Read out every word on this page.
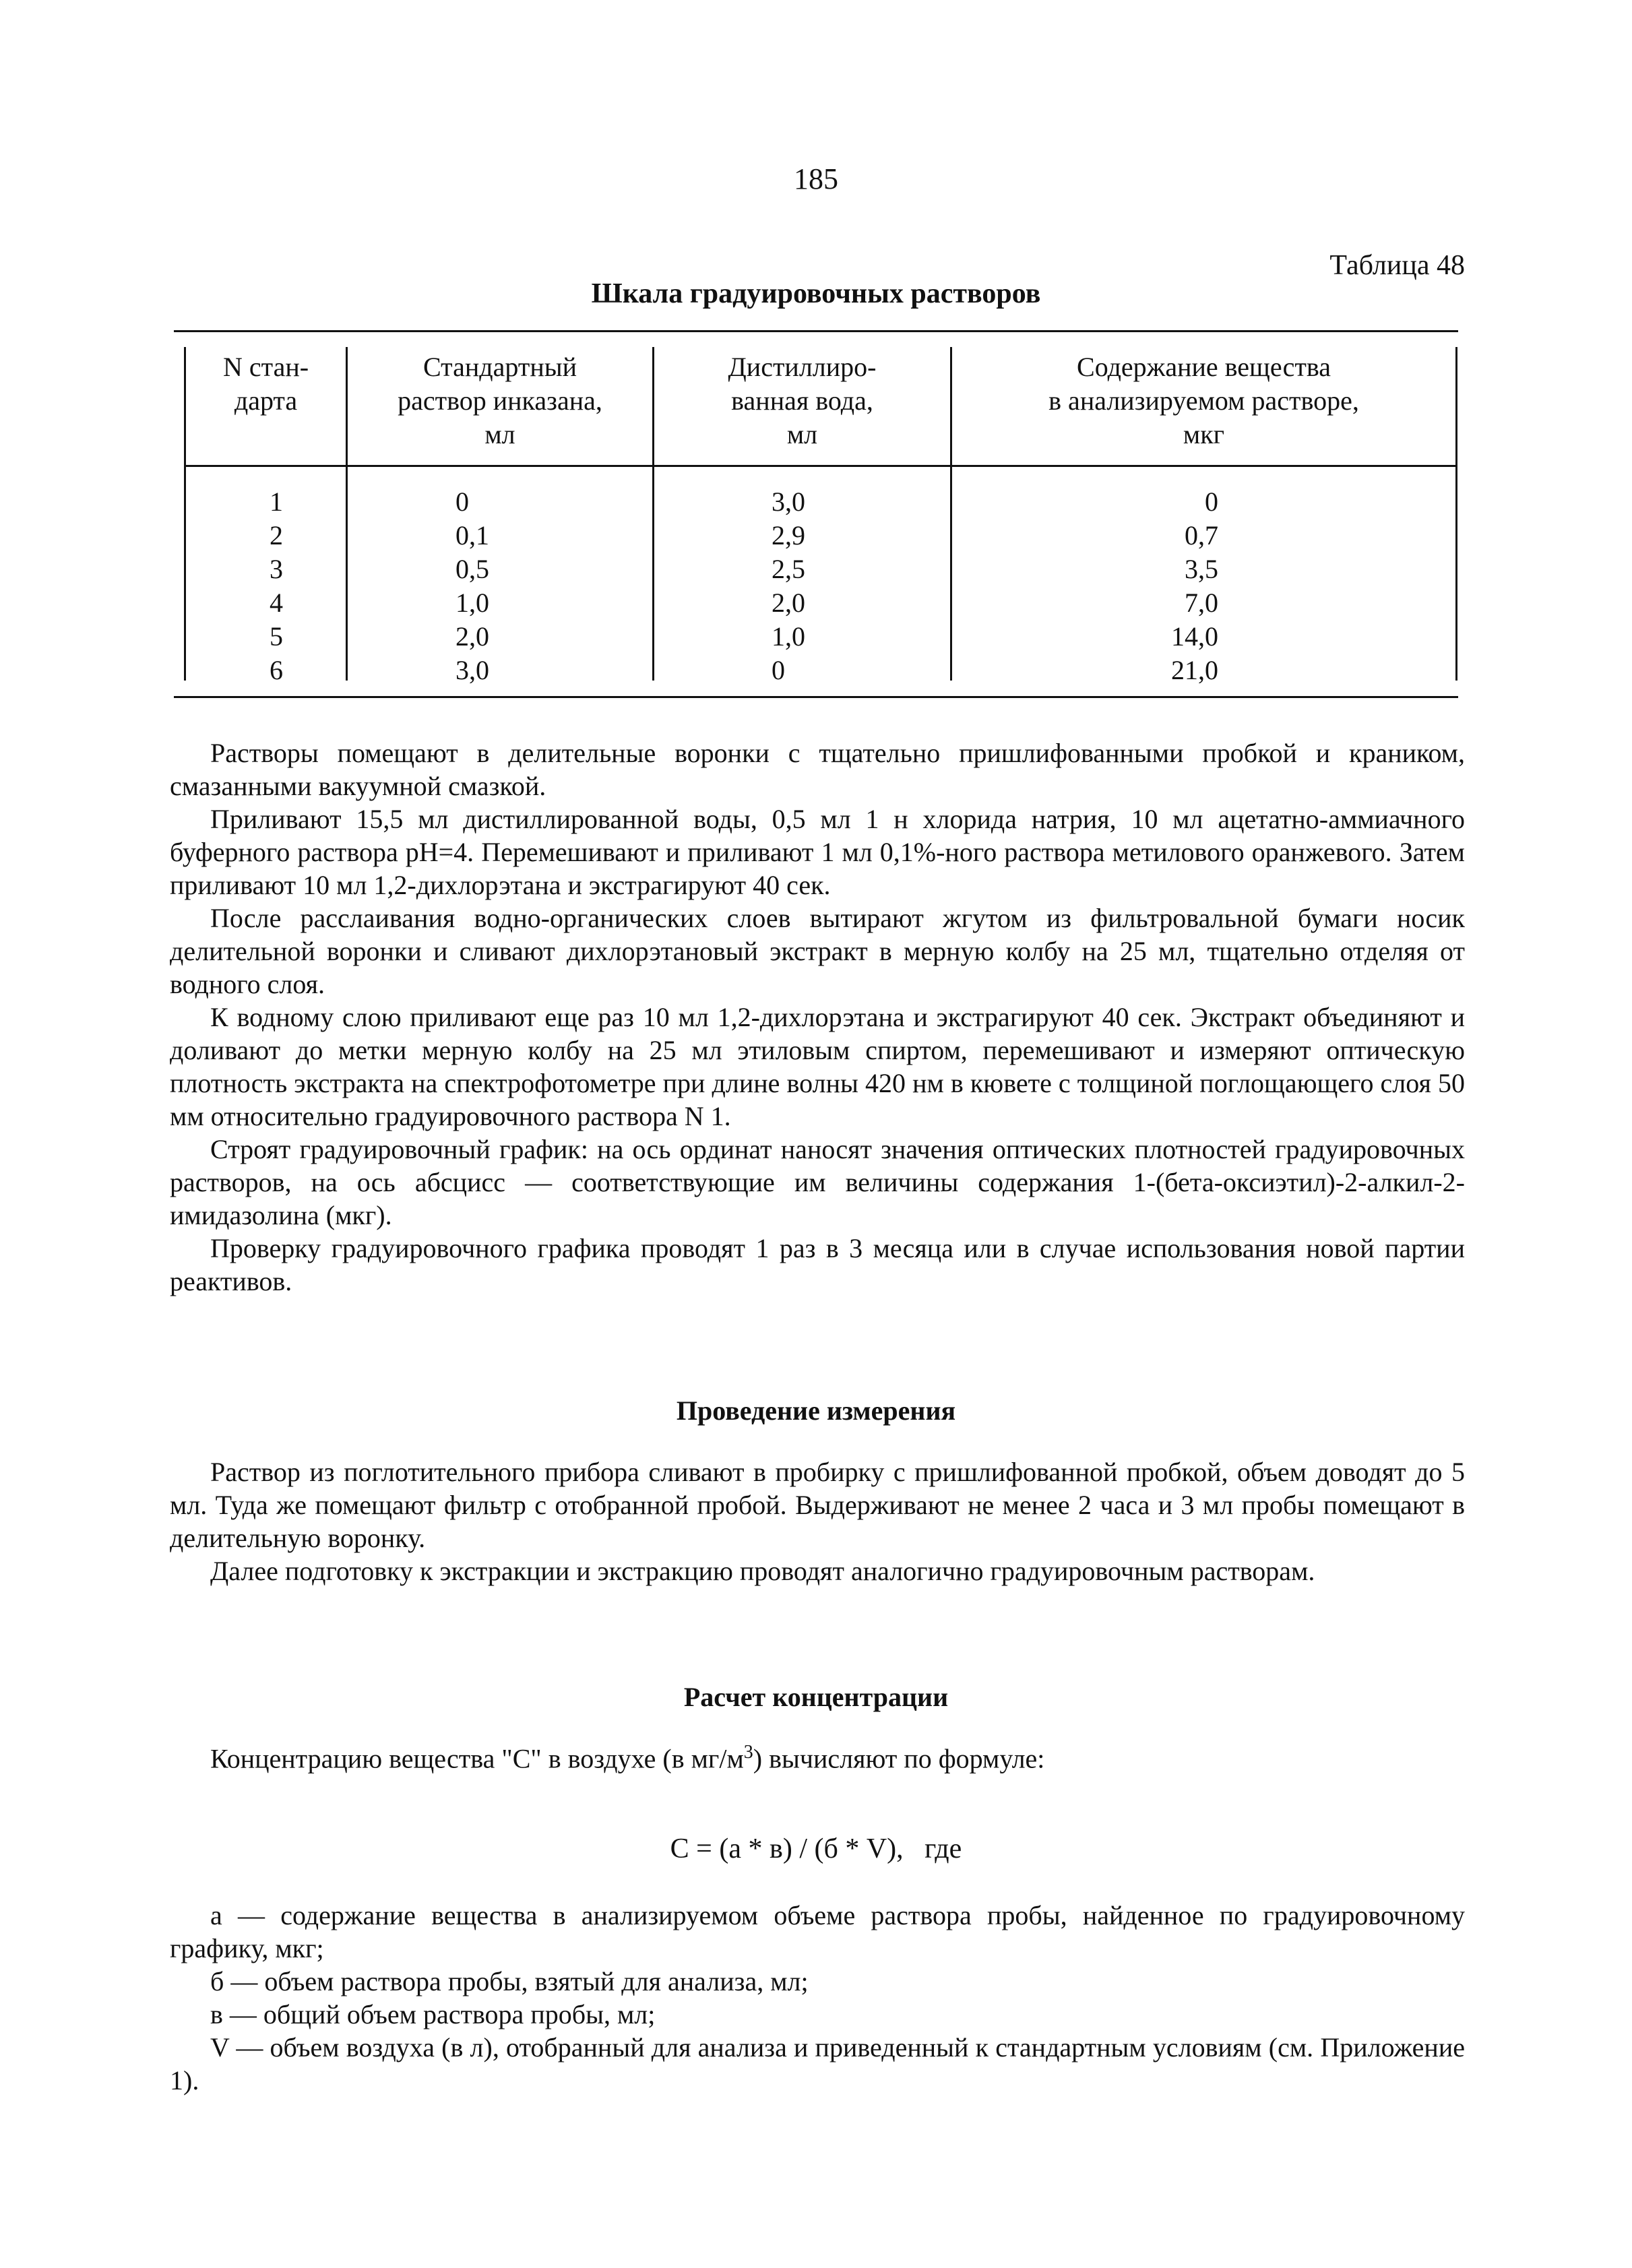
185
Таблица 48
Шкала градуировочных растворов
N стан-
дарта
Стандартный
раствор инказана,
мл
Дистиллиро-
ванная вода,
мл
Содержание вещества
в анализируемом растворе,
мкг
1
2
3
4
5
6
0
0,1
0,5
1,0
2,0
3,0
3,0
2,9
2,5
2,0
1,0
0
0
0,7
3,5
7,0
14,0
21,0

Растворы помещают в делительные воронки с тщательно пришлифованными пробкой и краником, смазанными вакуумной смазкой.

Приливают 15,5 мл дистиллированной воды, 0,5 мл 1 н хлорида натрия, 10 мл ацетатно-аммиачного буферного раствора pH=4. Перемешивают и приливают 1 мл 0,1%-ного раствора метилового оранжевого. Затем приливают 10 мл 1,2-дихлорэтана и экстрагируют 40 сек.

После расслаивания водно-органических слоев вытирают жгутом из фильтровальной бумаги носик делительной воронки и сливают дихлорэтановый экстракт в мерную колбу на 25 мл, тщательно отделяя от водного слоя.

К водному слою приливают еще раз 10 мл 1,2-дихлорэтана и экстрагируют 40 сек. Экстракт объединяют и доливают до метки мерную колбу на 25 мл этиловым спиртом, перемешивают и измеряют оптическую плотность экстракта на спектрофотометре при длине волны 420 нм в кювете с толщиной поглощающего слоя 50 мм относительно градуировочного раствора N 1.

Строят градуировочный график: на ось ординат наносят значения оптических плотностей градуировочных растворов, на ось абсцисс — соответствующие им величины содержания 1-(бета-оксиэтил)-2-алкил-2-имидазолина (мкг).

Проверку градуировочного графика проводят 1 раз в 3 месяца или в случае использования новой партии реактивов.

Проведение измерения

Раствор из поглотительного прибора сливают в пробирку с пришлифованной пробкой, объем доводят до 5 мл. Туда же помещают фильтр с отобранной пробой. Выдерживают не менее 2 часа и 3 мл пробы помещают в делительную воронку.

Далее подготовку к экстракции и экстракцию проводят аналогично градуировочным растворам.

Расчет концентрации
Концентрацию вещества "C" в воздухе (в $мг/м^3$) вычисляют по формуле:
C = (а * в) / (б * V), где

а — содержание вещества в анализируемом объеме раствора пробы, найденное по градуировочному графику, мкг;

б — объем раствора пробы, взятый для анализа, мл;

в — общий объем раствора пробы, мл;

V — объем воздуха (в л), отобранный для анализа и приведенный к стандартным условиям (см. Приложение 1).
